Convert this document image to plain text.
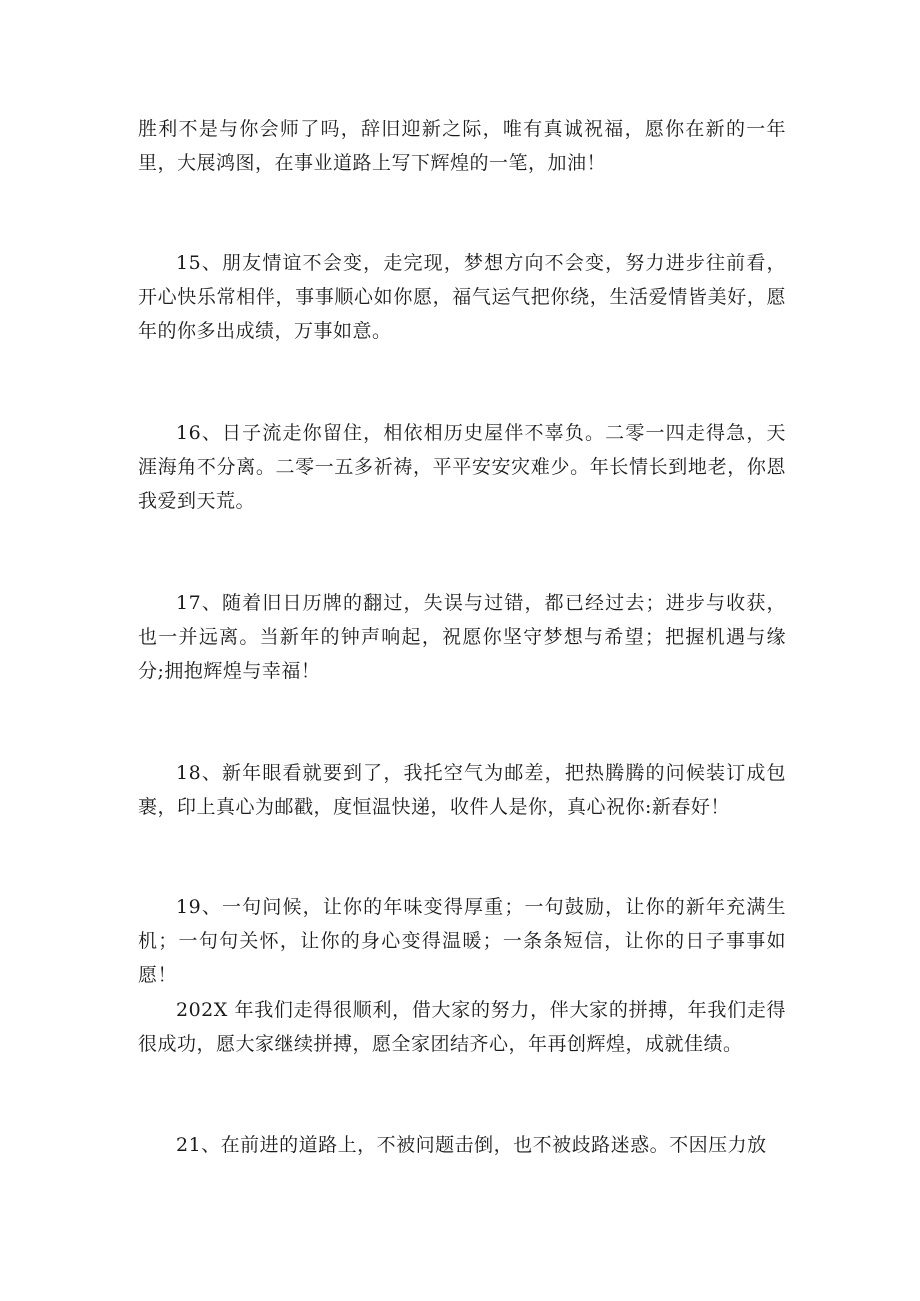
胜利不是与你会师了吗，辞旧迎新之际，唯有真诚祝福，愿你在新的一年里，大展鸿图，在事业道路上写下辉煌的一笔，加油！

15、朋友情谊不会变，走完现，梦想方向不会变，努力进步往前看，开心快乐常相伴，事事顺心如你愿，福气运气把你绕，生活爱情皆美好，愿年的你多出成绩，万事如意。

16、日子流走你留住，相依相历史屋伴不辜负。二零一四走得急，天涯海角不分离。二零一五多祈祷，平平安安灾难少。年长情长到地老，你恩我爱到天荒。

17、随着旧日历牌的翻过，失误与过错，都已经过去；进步与收获，也一并远离。当新年的钟声响起，祝愿你坚守梦想与希望；把握机遇与缘分;拥抱辉煌与幸福！

18、新年眼看就要到了，我托空气为邮差，把热腾腾的问候装订成包裹，印上真心为邮戳，度恒温快递，收件人是你，真心祝你:新春好！

19、一句问候，让你的年味变得厚重；一句鼓励，让你的新年充满生机；一句句关怀，让你的身心变得温暖；一条条短信，让你的日子事事如愿！

202X 年我们走得很顺利，借大家的努力，伴大家的拼搏，年我们走得很成功，愿大家继续拼搏，愿全家团结齐心，年再创辉煌，成就佳绩。

21、在前进的道路上，不被问题击倒，也不被歧路迷惑。不因压力放
